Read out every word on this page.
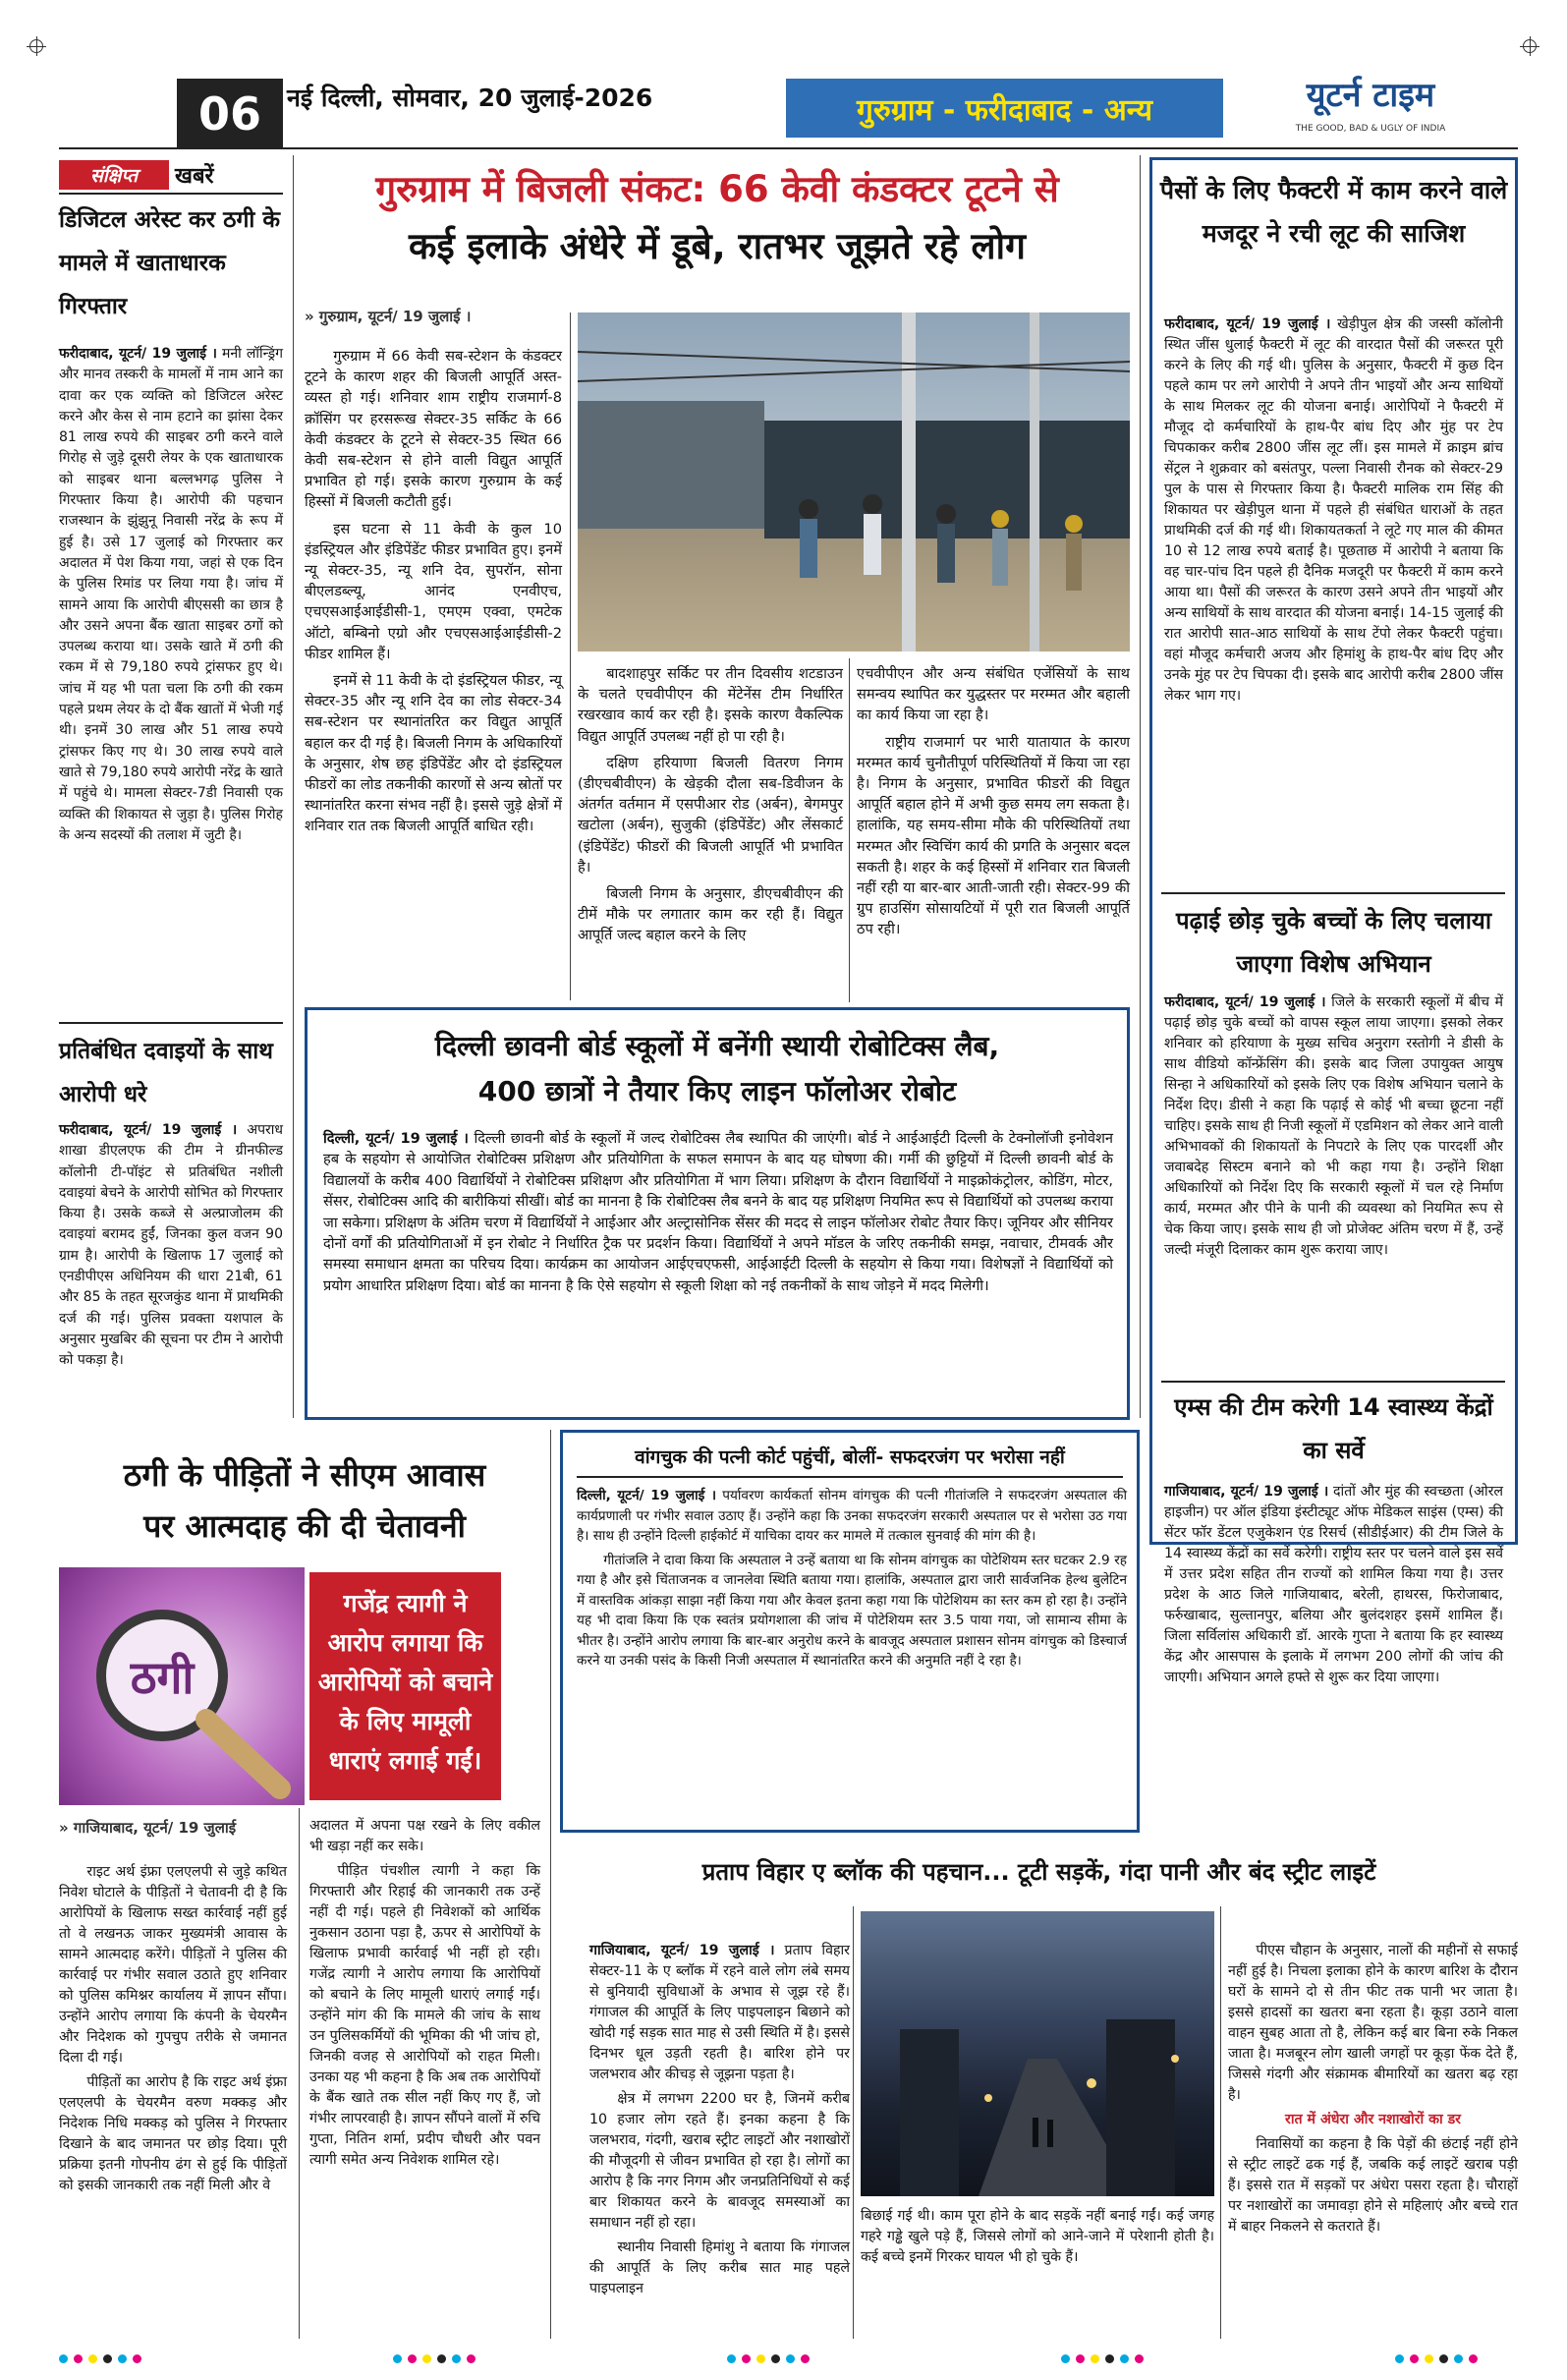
06	नई दिल्ली, सोमवार, 20 जुलाई-2026	गुरुग्राम - फरीदाबाद - अन्य	यूटर्न टाइम
THE GOOD, BAD & UGLY OF INDIA
संक्षिप्त	खबरें
डिजिटल अरेस्ट कर ठगी के मामले में खाताधारक गिरफ्तार
फरीदाबाद, यूटर्न/ 19 जुलाई । मनी लॉन्ड्रिंग और मानव तस्करी के मामलों में नाम आने का दावा कर एक व्यक्ति को डिजिटल अरेस्ट करने और केस से नाम हटाने का झांसा देकर 81 लाख रुपये की साइबर ठगी करने वाले गिरोह से जुड़े दूसरी लेयर के एक खाताधारक को साइबर थाना बल्लभगढ़ पुलिस ने गिरफ्तार किया है। आरोपी की पहचान राजस्थान के झुंझुनू निवासी नरेंद्र के रूप में हुई है। उसे 17 जुलाई को गिरफ्तार कर अदालत में पेश किया गया, जहां से एक दिन के पुलिस रिमांड पर लिया गया है। जांच में सामने आया कि आरोपी बीएससी का छात्र है और उसने अपना बैंक खाता साइबर ठगों को उपलब्ध कराया था। उसके खाते में ठगी की रकम में से 79,180 रुपये ट्रांसफर हुए थे। जांच में यह भी पता चला कि ठगी की रकम पहले प्रथम लेयर के दो बैंक खातों में भेजी गई थी। इनमें 30 लाख और 51 लाख रुपये ट्रांसफर किए गए थे। 30 लाख रुपये वाले खाते से 79,180 रुपये आरोपी नरेंद्र के खाते में पहुंचे थे। मामला सेक्टर-7डी निवासी एक व्यक्ति की शिकायत से जुड़ा है। पुलिस गिरोह के अन्य सदस्यों की तलाश में जुटी है।
प्रतिबंधित दवाइयों के साथ आरोपी धरे
फरीदाबाद, यूटर्न/ 19 जुलाई । अपराध शाखा डीएलएफ की टीम ने ग्रीनफील्ड कॉलोनी टी-पॉइंट से प्रतिबंधित नशीली दवाइयां बेचने के आरोपी सोभित को गिरफ्तार किया है। उसके कब्जे से अल्प्राजोलम की दवाइयां बरामद हुईं, जिनका कुल वजन 90 ग्राम है। आरोपी के खिलाफ 17 जुलाई को एनडीपीएस अधिनियम की धारा 21बी, 61 और 85 के तहत सूरजकुंड थाना में प्राथमिकी दर्ज की गई। पुलिस प्रवक्ता यशपाल के अनुसार मुखबिर की सूचना पर टीम ने आरोपी को पकड़ा है।
गुरुग्राम में बिजली संकट: 66 केवी कंडक्टर टूटने से
कई इलाके अंधेरे में डूबे, रातभर जूझते रहे लोग
» गुरुग्राम, यूटर्न/ 19 जुलाई ।

गुरुग्राम में 66 केवी सब-स्टेशन के कंडक्टर टूटने के कारण शहर की बिजली आपूर्ति अस्त-व्यस्त हो गई। शनिवार शाम राष्ट्रीय राजमार्ग-8 क्रॉसिंग पर हरसरूख सेक्टर-35 सर्किट के 66 केवी कंडक्टर के टूटने से सेक्टर-35 स्थित 66 केवी सब-स्टेशन से होने वाली विद्युत आपूर्ति प्रभावित हो गई। इसके कारण गुरुग्राम के कई हिस्सों में बिजली कटौती हुई।

इस घटना से 11 केवी के कुल 10 इंडस्ट्रियल और इंडिपेंडेंट फीडर प्रभावित हुए। इनमें न्यू सेक्टर-35, न्यू शनि देव, सुपरॉन, सोना बीएलडब्ल्यू, आनंद एनवीएच, एचएसआईआईडीसी-1, एमएम एक्वा, एमटेक ऑटो, बम्बिनो एग्रो और एचएसआईआईडीसी-2 फीडर शामिल हैं।

इनमें से 11 केवी के दो इंडस्ट्रियल फीडर, न्यू सेक्टर-35 और न्यू शनि देव का लोड सेक्टर-34 सब-स्टेशन पर स्थानांतरित कर विद्युत आपूर्ति बहाल कर दी गई है। बिजली निगम के अधिकारियों के अनुसार, शेष छह इंडिपेंडेंट और दो इंडस्ट्रियल फीडरों का लोड तकनीकी कारणों से अन्य स्रोतों पर स्थानांतरित करना संभव नहीं है। इससे जुड़े क्षेत्रों में शनिवार रात तक बिजली आपूर्ति बाधित रही।

बादशाहपुर सर्किट पर तीन दिवसीय शटडाउन के चलते एचवीपीएन की मेंटेनेंस टीम निर्धारित रखरखाव कार्य कर रही है। इसके कारण वैकल्पिक विद्युत आपूर्ति उपलब्ध नहीं हो पा रही है।

दक्षिण हरियाणा बिजली वितरण निगम (डीएचबीवीएन) के खेड़की दौला सब-डिवीजन के अंतर्गत वर्तमान में एसपीआर रोड (अर्बन), बेगमपुर खटोला (अर्बन), सुजुकी (इंडिपेंडेंट) और लेंसकार्ट (इंडिपेंडेंट) फीडरों की बिजली आपूर्ति भी प्रभावित है।

बिजली निगम के अनुसार, डीएचबीवीएन की टीमें मौके पर लगातार काम कर रही हैं। विद्युत आपूर्ति जल्द बहाल करने के लिए

एचवीपीएन और अन्य संबंधित एजेंसियों के साथ समन्वय स्थापित कर युद्धस्तर पर मरम्मत और बहाली का कार्य किया जा रहा है।

राष्ट्रीय राजमार्ग पर भारी यातायात के कारण मरम्मत कार्य चुनौतीपूर्ण परिस्थितियों में किया जा रहा है। निगम के अनुसार, प्रभावित फीडरों की विद्युत आपूर्ति बहाल होने में अभी कुछ समय लग सकता है। हालांकि, यह समय-सीमा मौके की परिस्थितियों तथा मरम्मत और स्विचिंग कार्य की प्रगति के अनुसार बदल सकती है। शहर के कई हिस्सों में शनिवार रात बिजली नहीं रही या बार-बार आती-जाती रही। सेक्टर-99 की ग्रुप हाउसिंग सोसायटियों में पूरी रात बिजली आपूर्ति ठप रही।

दिल्ली छावनी बोर्ड स्कूलों में बनेंगी स्थायी रोबोटिक्स लैब,
400 छात्रों ने तैयार किए लाइन फॉलोअर रोबोट
दिल्ली, यूटर्न/ 19 जुलाई । दिल्ली छावनी बोर्ड के स्कूलों में जल्द रोबोटिक्स लैब स्थापित की जाएंगी। बोर्ड ने आईआईटी दिल्ली के टेक्नोलॉजी इनोवेशन हब के सहयोग से आयोजित रोबोटिक्स प्रशिक्षण और प्रतियोगिता के सफल समापन के बाद यह घोषणा की। गर्मी की छुट्टियों में दिल्ली छावनी बोर्ड के विद्यालयों के करीब 400 विद्यार्थियों ने रोबोटिक्स प्रशिक्षण और प्रतियोगिता में भाग लिया। प्रशिक्षण के दौरान विद्यार्थियों ने माइक्रोकंट्रोलर, कोडिंग, मोटर, सेंसर, रोबोटिक्स आदि की बारीकियां सीखीं। बोर्ड का मानना है कि रोबोटिक्स लैब बनने के बाद यह प्रशिक्षण नियमित रूप से विद्यार्थियों को उपलब्ध कराया जा सकेगा। प्रशिक्षण के अंतिम चरण में विद्यार्थियों ने आईआर और अल्ट्रासोनिक सेंसर की मदद से लाइन फॉलोअर रोबोट तैयार किए। जूनियर और सीनियर दोनों वर्गों की प्रतियोगिताओं में इन रोबोट ने निर्धारित ट्रैक पर प्रदर्शन किया। विद्यार्थियों ने अपने मॉडल के जरिए तकनीकी समझ, नवाचार, टीमवर्क और समस्या समाधान क्षमता का परिचय दिया। कार्यक्रम का आयोजन आईएचएफसी, आईआईटी दिल्ली के सहयोग से किया गया। विशेषज्ञों ने विद्यार्थियों को प्रयोग आधारित प्रशिक्षण दिया। बोर्ड का मानना है कि ऐसे सहयोग से स्कूली शिक्षा को नई तकनीकों के साथ जोड़ने में मदद मिलेगी।
पैसों के लिए फैक्टरी में काम करने वाले मजदूर ने रची लूट की साजिश
फरीदाबाद, यूटर्न/ 19 जुलाई । खेड़ीपुल क्षेत्र की जस्सी कॉलोनी स्थित जींस धुलाई फैक्टरी में लूट की वारदात पैसों की जरूरत पूरी करने के लिए की गई थी। पुलिस के अनुसार, फैक्टरी में कुछ दिन पहले काम पर लगे आरोपी ने अपने तीन भाइयों और अन्य साथियों के साथ मिलकर लूट की योजना बनाई। आरोपियों ने फैक्टरी में मौजूद दो कर्मचारियों के हाथ-पैर बांध दिए और मुंह पर टेप चिपकाकर करीब 2800 जींस लूट लीं। इस मामले में क्राइम ब्रांच सेंट्रल ने शुक्रवार को बसंतपुर, पल्ला निवासी रौनक को सेक्टर-29 पुल के पास से गिरफ्तार किया है। फैक्टरी मालिक राम सिंह की शिकायत पर खेड़ीपुल थाना में पहले ही संबंधित धाराओं के तहत प्राथमिकी दर्ज की गई थी। शिकायतकर्ता ने लूटे गए माल की कीमत 10 से 12 लाख रुपये बताई है। पूछताछ में आरोपी ने बताया कि वह चार-पांच दिन पहले ही दैनिक मजदूरी पर फैक्टरी में काम करने आया था। पैसों की जरूरत के कारण उसने अपने तीन भाइयों और अन्य साथियों के साथ वारदात की योजना बनाई। 14-15 जुलाई की रात आरोपी सात-आठ साथियों के साथ टेंपो लेकर फैक्टरी पहुंचा। वहां मौजूद कर्मचारी अजय और हिमांशु के हाथ-पैर बांध दिए और उनके मुंह पर टेप चिपका दी। इसके बाद आरोपी करीब 2800 जींस लेकर भाग गए।
पढ़ाई छोड़ चुके बच्चों के लिए चलाया जाएगा विशेष अभियान
फरीदाबाद, यूटर्न/ 19 जुलाई । जिले के सरकारी स्कूलों में बीच में पढ़ाई छोड़ चुके बच्चों को वापस स्कूल लाया जाएगा। इसको लेकर शनिवार को हरियाणा के मुख्य सचिव अनुराग रस्तोगी ने डीसी के साथ वीडियो कॉन्फ्रेंसिंग की। इसके बाद जिला उपायुक्त आयुष सिन्हा ने अधिकारियों को इसके लिए एक विशेष अभियान चलाने के निर्देश दिए। डीसी ने कहा कि पढ़ाई से कोई भी बच्चा छूटना नहीं चाहिए। इसके साथ ही निजी स्कूलों में एडमिशन को लेकर आने वाली अभिभावकों की शिकायतों के निपटारे के लिए एक पारदर्शी और जवाबदेह सिस्टम बनाने को भी कहा गया है। उन्होंने शिक्षा अधिकारियों को निर्देश दिए कि सरकारी स्कूलों में चल रहे निर्माण कार्य, मरम्मत और पीने के पानी की व्यवस्था को नियमित रूप से चेक किया जाए। इसके साथ ही जो प्रोजेक्ट अंतिम चरण में हैं, उन्हें जल्दी मंजूरी दिलाकर काम शुरू कराया जाए।
एम्स की टीम करेगी 14 स्वास्थ्य केंद्रों का सर्वे
गाजियाबाद, यूटर्न/ 19 जुलाई । दांतों और मुंह की स्वच्छता (ओरल हाइजीन) पर ऑल इंडिया इंस्टीट्यूट ऑफ मेडिकल साइंस (एम्स) की सेंटर फॉर डेंटल एजुकेशन एंड रिसर्च (सीडीईआर) की टीम जिले के 14 स्वास्थ्य केंद्रों का सर्वे करेगी। राष्ट्रीय स्तर पर चलने वाले इस सर्वे में उत्तर प्रदेश सहित तीन राज्यों को शामिल किया गया है। उत्तर प्रदेश के आठ जिले गाजियाबाद, बरेली, हाथरस, फिरोजाबाद, फर्रुखाबाद, सुल्तानपुर, बलिया और बुलंदशहर इसमें शामिल हैं। जिला सर्विलांस अधिकारी डॉ. आरके गुप्ता ने बताया कि हर स्वास्थ्य केंद्र और आसपास के इलाके में लगभग 200 लोगों की जांच की जाएगी। अभियान अगले हफ्ते से शुरू कर दिया जाएगा।
ठगी के पीड़ितों ने सीएम आवास
पर आत्मदाह की दी चेतावनी
ठगी
गजेंद्र त्यागी ने आरोप लगाया कि आरोपियों को बचाने के लिए मामूली धाराएं लगाई गईं।
» गाजियाबाद, यूटर्न/ 19 जुलाई

राइट अर्थ इंफ्रा एलएलपी से जुड़े कथित निवेश घोटाले के पीड़ितों ने चेतावनी दी है कि आरोपियों के खिलाफ सख्त कार्रवाई नहीं हुई तो वे लखनऊ जाकर मुख्यमंत्री आवास के सामने आत्मदाह करेंगे। पीड़ितों ने पुलिस की कार्रवाई पर गंभीर सवाल उठाते हुए शनिवार को पुलिस कमिश्नर कार्यालय में ज्ञापन सौंपा। उन्होंने आरोप लगाया कि कंपनी के चेयरमैन और निदेशक को गुपचुप तरीके से जमानत दिला दी गई।

पीड़ितों का आरोप है कि राइट अर्थ इंफ्रा एलएलपी के चेयरमैन वरुण मक्कड़ और निदेशक निधि मक्कड़ को पुलिस ने गिरफ्तार दिखाने के बाद जमानत पर छोड़ दिया। पूरी प्रक्रिया इतनी गोपनीय ढंग से हुई कि पीड़ितों को इसकी जानकारी तक नहीं मिली और वे

अदालत में अपना पक्ष रखने के लिए वकील भी खड़ा नहीं कर सके।

पीड़ित पंचशील त्यागी ने कहा कि गिरफ्तारी और रिहाई की जानकारी तक उन्हें नहीं दी गई। पहले ही निवेशकों को आर्थिक नुकसान उठाना पड़ा है, ऊपर से आरोपियों के खिलाफ प्रभावी कार्रवाई भी नहीं हो रही। गजेंद्र त्यागी ने आरोप लगाया कि आरोपियों को बचाने के लिए मामूली धाराएं लगाई गईं। उन्होंने मांग की कि मामले की जांच के साथ उन पुलिसकर्मियों की भूमिका की भी जांच हो, जिनकी वजह से आरोपियों को राहत मिली। उनका यह भी कहना है कि अब तक आरोपियों के बैंक खाते तक सील नहीं किए गए हैं, जो गंभीर लापरवाही है। ज्ञापन सौंपने वालों में रुचि गुप्ता, नितिन शर्मा, प्रदीप चौधरी और पवन त्यागी समेत अन्य निवेशक शामिल रहे।

वांगचुक की पत्नी कोर्ट पहुंचीं, बोलीं- सफदरजंग पर भरोसा नहीं

दिल्ली, यूटर्न/ 19 जुलाई । पर्यावरण कार्यकर्ता सोनम वांगचुक की पत्नी गीतांजलि ने सफदरजंग अस्पताल की कार्यप्रणाली पर गंभीर सवाल उठाए हैं। उन्होंने कहा कि उनका सफदरजंग सरकारी अस्पताल पर से भरोसा उठ गया है। साथ ही उन्होंने दिल्ली हाईकोर्ट में याचिका दायर कर मामले में तत्काल सुनवाई की मांग की है।

गीतांजलि ने दावा किया कि अस्पताल ने उन्हें बताया था कि सोनम वांगचुक का पोटेशियम स्तर घटकर 2.9 रह गया है और इसे चिंताजनक व जानलेवा स्थिति बताया गया। हालांकि, अस्पताल द्वारा जारी सार्वजनिक हेल्थ बुलेटिन में वास्तविक आंकड़ा साझा नहीं किया गया और केवल इतना कहा गया कि पोटेशियम का स्तर कम हो रहा है। उन्होंने यह भी दावा किया कि एक स्वतंत्र प्रयोगशाला की जांच में पोटेशियम स्तर 3.5 पाया गया, जो सामान्य सीमा के भीतर है। उन्होंने आरोप लगाया कि बार-बार अनुरोध करने के बावजूद अस्पताल प्रशासन सोनम वांगचुक को डिस्चार्ज करने या उनकी पसंद के किसी निजी अस्पताल में स्थानांतरित करने की अनुमति नहीं दे रहा है।

प्रताप विहार ए ब्लॉक की पहचान... टूटी सड़कें, गंदा पानी और बंद स्ट्रीट लाइटें

गाजियाबाद, यूटर्न/ 19 जुलाई । प्रताप विहार सेक्टर-11 के ए ब्लॉक में रहने वाले लोग लंबे समय से बुनियादी सुविधाओं के अभाव से जूझ रहे हैं। गंगाजल की आपूर्ति के लिए पाइपलाइन बिछाने को खोदी गई सड़क सात माह से उसी स्थिति में है। इससे दिनभर धूल उड़ती रहती है। बारिश होने पर जलभराव और कीचड़ से जूझना पड़ता है।

क्षेत्र में लगभग 2200 घर है, जिनमें करीब 10 हजार लोग रहते हैं। इनका कहना है कि जलभराव, गंदगी, खराब स्ट्रीट लाइटों और नशाखोरों की मौजूदगी से जीवन प्रभावित हो रहा है। लोगों का आरोप है कि नगर निगम और जनप्रतिनिधियों से कई बार शिकायत करने के बावजूद समस्याओं का समाधान नहीं हो रहा।

स्थानीय निवासी हिमांशु ने बताया कि गंगाजल की आपूर्ति के लिए करीब सात माह पहले पाइपलाइन

बिछाई गई थी। काम पूरा होने के बाद सड़कें नहीं बनाई गईं। कई जगह गहरे गड्ढे खुले पड़े हैं, जिससे लोगों को आने-जाने में परेशानी होती है। कई बच्चे इनमें गिरकर घायल भी हो चुके हैं।

पीएस चौहान के अनुसार, नालों की महीनों से सफाई नहीं हुई है। निचला इलाका होने के कारण बारिश के दौरान घरों के सामने दो से तीन फीट तक पानी भर जाता है। इससे हादसों का खतरा बना रहता है। कूड़ा उठाने वाला वाहन सुबह आता तो है, लेकिन कई बार बिना रुके निकल जाता है। मजबूरन लोग खाली जगहों पर कूड़ा फेंक देते हैं, जिससे गंदगी और संक्रामक बीमारियों का खतरा बढ़ रहा है।

रात में अंधेरा और नशाखोरों का डर

निवासियों का कहना है कि पेड़ों की छंटाई नहीं होने से स्ट्रीट लाइटें ढक गई हैं, जबकि कई लाइटें खराब पड़ी हैं। इससे रात में सड़कों पर अंधेरा पसरा रहता है। चौराहों पर नशाखोरों का जमावड़ा होने से महिलाएं और बच्चे रात में बाहर निकलने से कतराते हैं।
